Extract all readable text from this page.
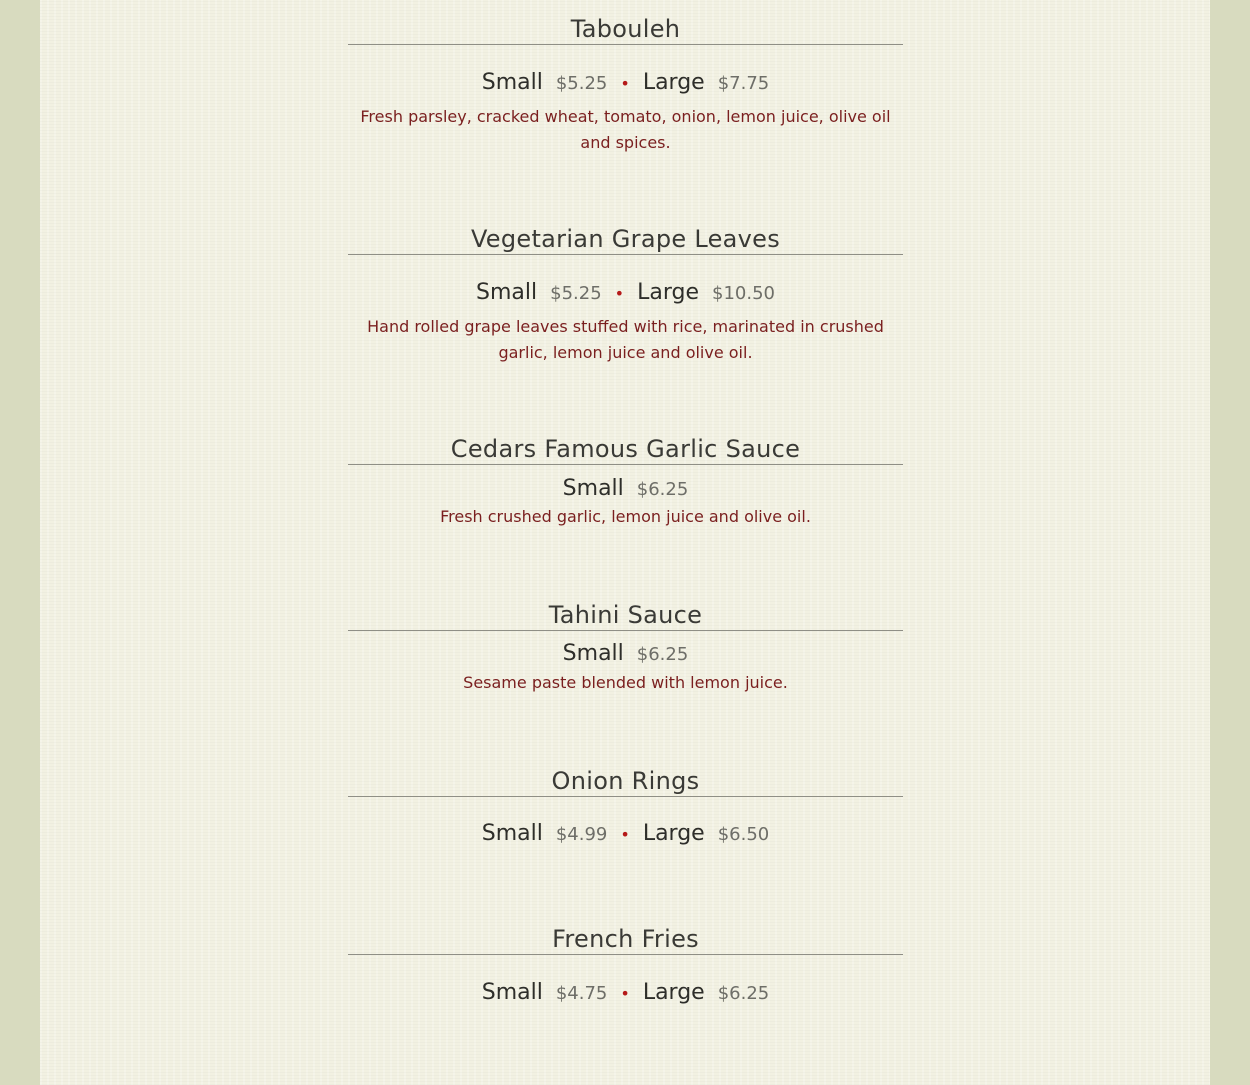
Tabouleh
Small $5.25 • Large $7.75
Fresh parsley, cracked wheat, tomato, onion, lemon juice, olive oil and spices.
Vegetarian Grape Leaves
Small $5.25 • Large $10.50
Hand rolled grape leaves stuffed with rice, marinated in crushed garlic, lemon juice and olive oil.
Cedars Famous Garlic Sauce
Small $6.25
Fresh crushed garlic, lemon juice and olive oil.
Tahini Sauce
Small $6.25
Sesame paste blended with lemon juice.
Onion Rings
Small $4.99 • Large $6.50
French Fries
Small $4.75 • Large $6.25
